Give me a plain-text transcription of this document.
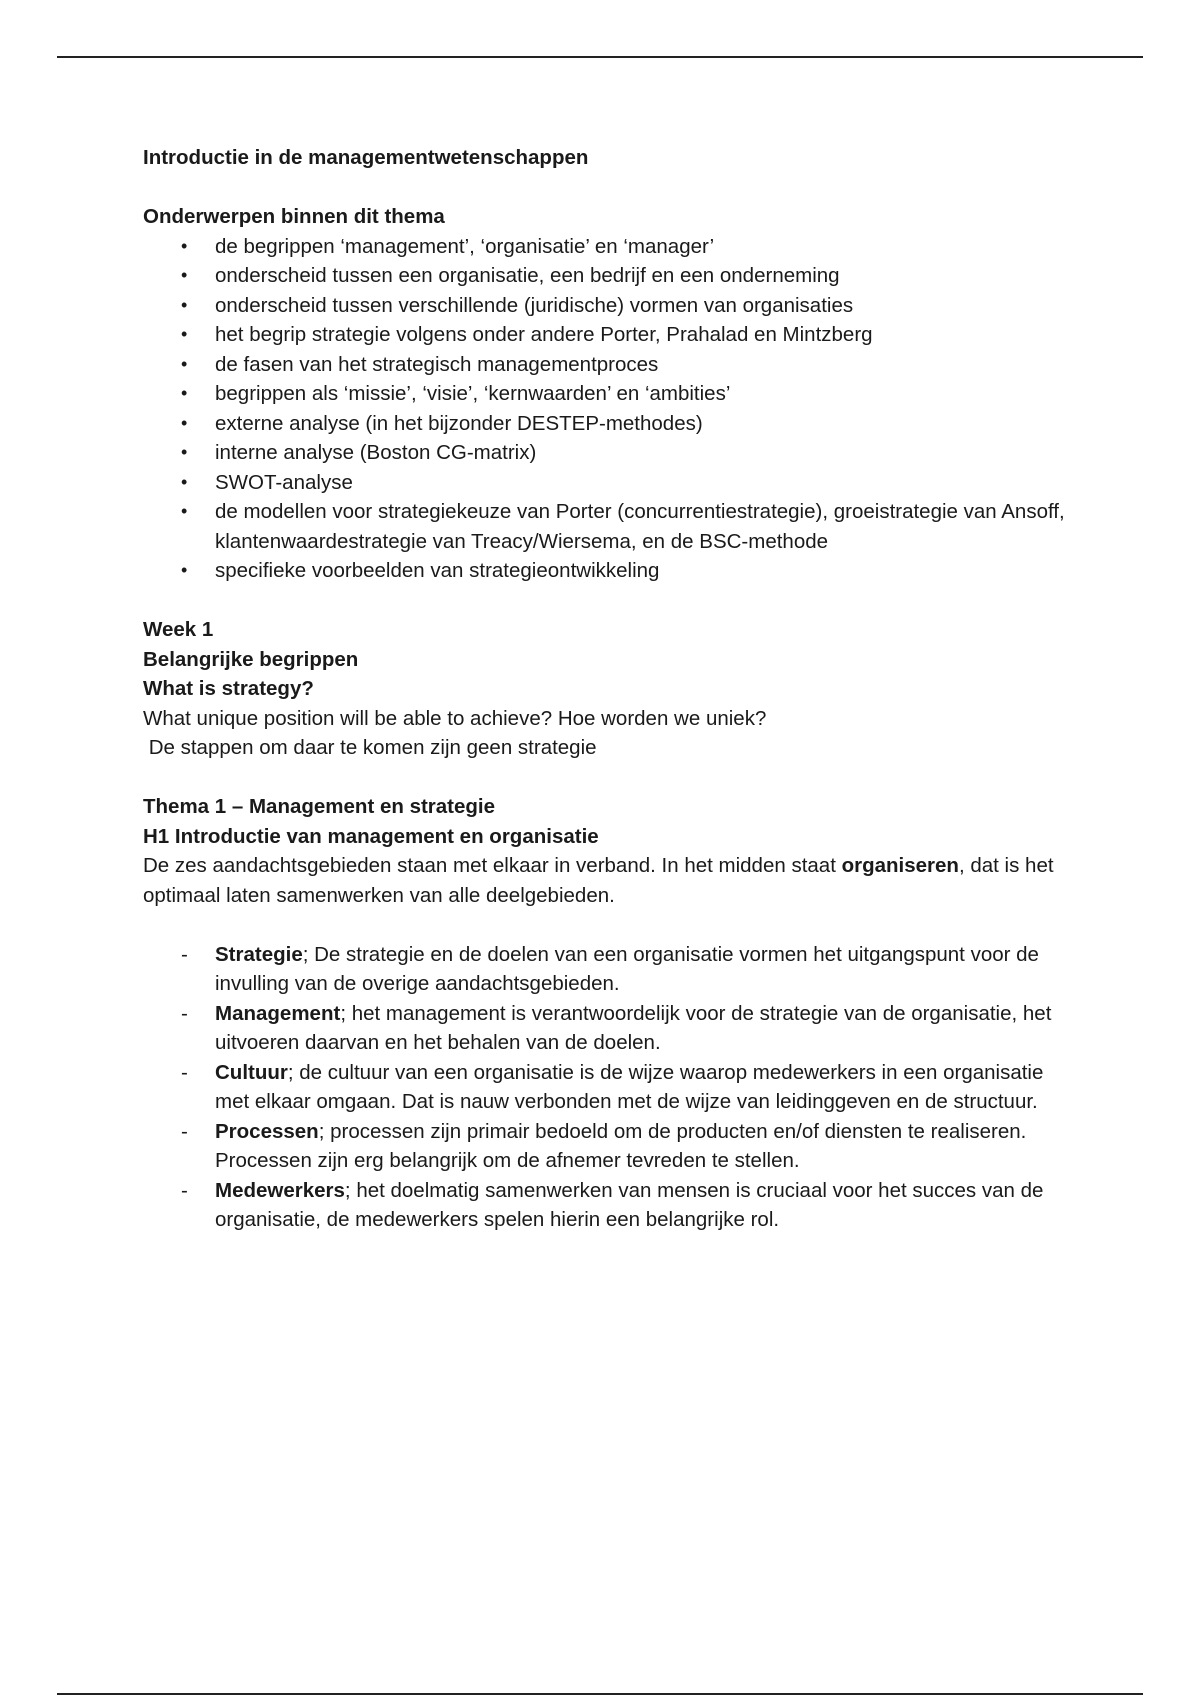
Introductie in de managementwetenschappen

Onderwerpen binnen dit thema

• de begrippen ‘management’, ‘organisatie’ en ‘manager’
• onderscheid tussen een organisatie, een bedrijf en een onderneming
• onderscheid tussen verschillende (juridische) vormen van organisaties
• het begrip strategie volgens onder andere Porter, Prahalad en Mintzberg
• de fasen van het strategisch managementproces
• begrippen als ‘missie’, ‘visie’, ‘kernwaarden’ en ‘ambities’
• externe analyse (in het bijzonder DESTEP-methodes)
• interne analyse (Boston CG-matrix)
• SWOT-analyse
• de modellen voor strategiekeuze van Porter (concurrentiestrategie), groeistrategie van Ansoff, klantenwaardestrategie van Treacy/Wiersema, en de BSC-methode
• specifieke voorbeelden van strategieontwikkeling

Week 1

Belangrijke begrippen

What is strategy?

What unique position will be able to achieve? Hoe worden we uniek?

De stappen om daar te komen zijn geen strategie

Thema 1 – Management en strategie

H1 Introductie van management en organisatie

De zes aandachtsgebieden staan met elkaar in verband. In het midden staat organiseren, dat is het optimaal laten samenwerken van alle deelgebieden.

- Strategie; De strategie en de doelen van een organisatie vormen het uitgangspunt voor de invulling van de overige aandachtsgebieden.
- Management; het management is verantwoordelijk voor de strategie van de organisatie, het uitvoeren daarvan en het behalen van de doelen.
- Cultuur; de cultuur van een organisatie is de wijze waarop medewerkers in een organisatie met elkaar omgaan. Dat is nauw verbonden met de wijze van leidinggeven en de structuur.
- Processen; processen zijn primair bedoeld om de producten en/of diensten te realiseren. Processen zijn erg belangrijk om de afnemer tevreden te stellen.
- Medewerkers; het doelmatig samenwerken van mensen is cruciaal voor het succes van de organisatie, de medewerkers spelen hierin een belangrijke rol.
